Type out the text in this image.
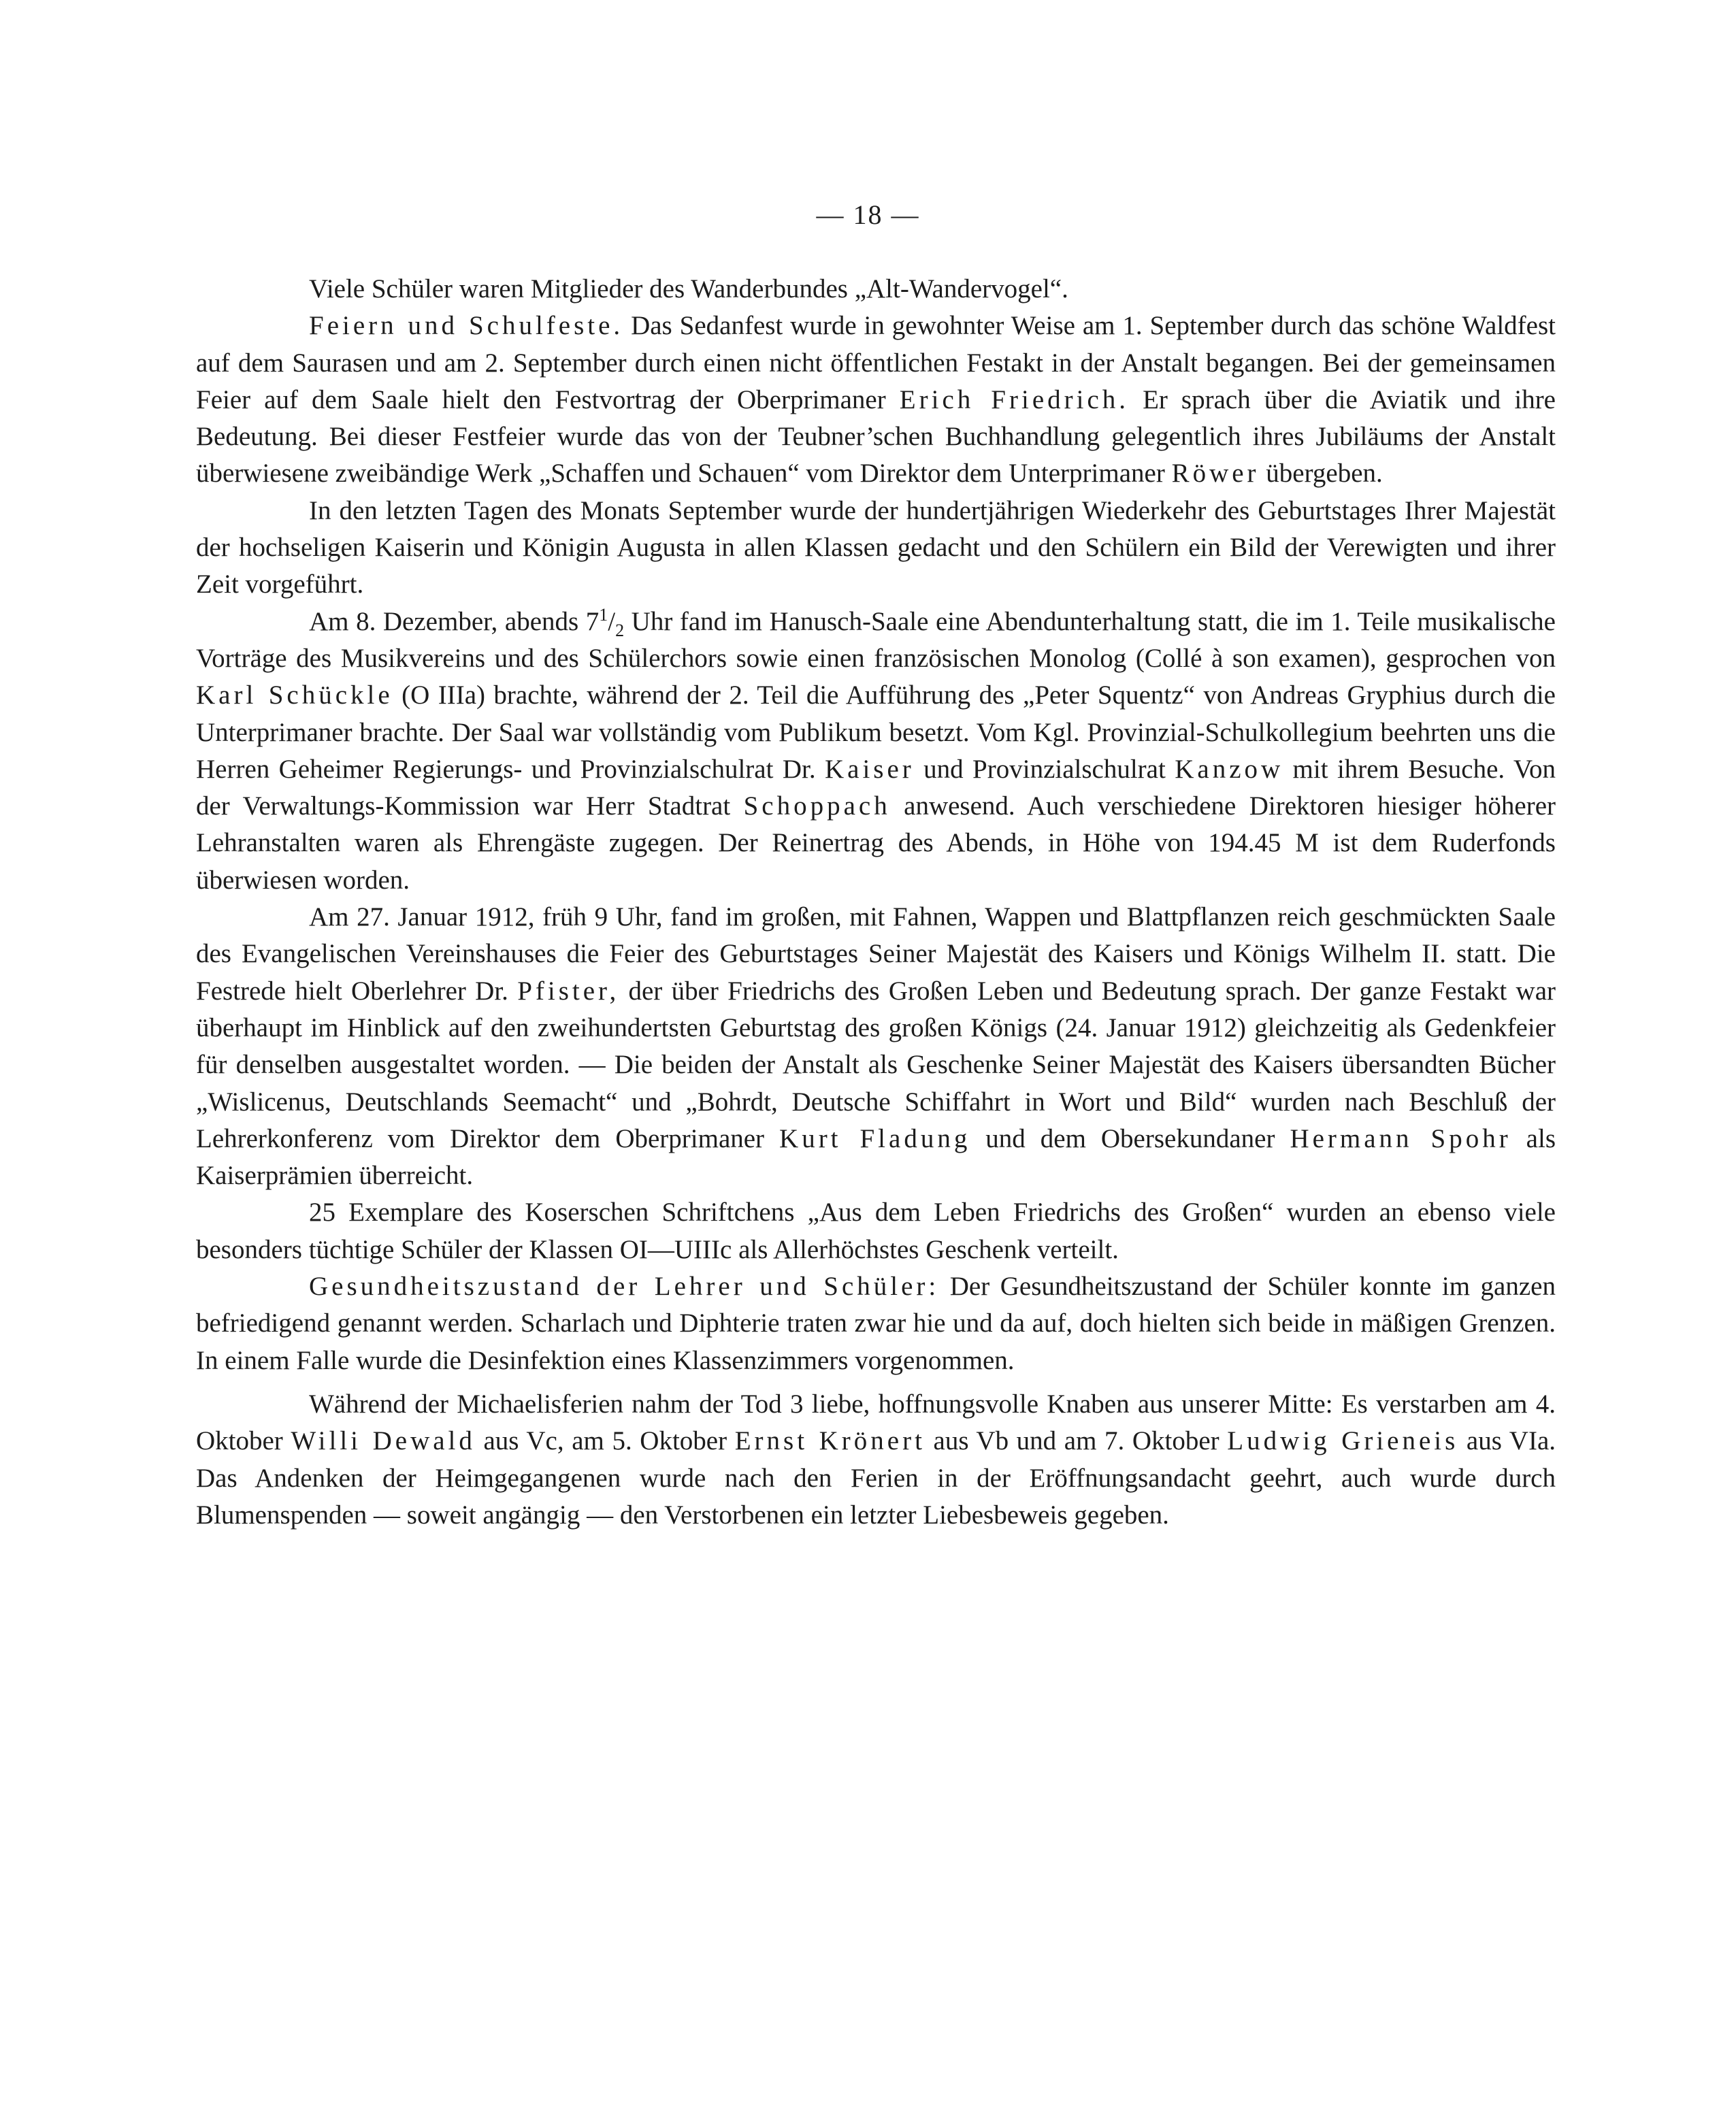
— 18 —

Viele Schüler waren Mitglieder des Wanderbundes „Alt-Wandervogel“.

Feiern und Schulfeste. Das Sedanfest wurde in gewohnter Weise am 1. September durch das schöne Waldfest auf dem Saurasen und am 2. September durch einen nicht öffentlichen Festakt in der Anstalt begangen. Bei der gemeinsamen Feier auf dem Saale hielt den Festvortrag der Oberprimaner Erich Friedrich. Er sprach über die Aviatik und ihre Bedeutung. Bei dieser Festfeier wurde das von der Teubner’schen Buchhandlung gelegentlich ihres Jubiläums der Anstalt überwiesene zweibändige Werk „Schaffen und Schauen“ vom Direktor dem Unterprimaner Röwer übergeben.

In den letzten Tagen des Monats September wurde der hundertjährigen Wiederkehr des Geburtstages Ihrer Majestät der hochseligen Kaiserin und Königin Augusta in allen Klassen gedacht und den Schülern ein Bild der Verewigten und ihrer Zeit vorgeführt.

Am 8. Dezember, abends $7^1/_2$ Uhr fand im Hanusch-Saale eine Abendunterhaltung statt, die im 1. Teile musikalische Vorträge des Musikvereins und des Schülerchors sowie einen französischen Monolog (Collé à son examen), gesprochen von Karl Schückle (O IIIa) brachte, während der 2. Teil die Aufführung des „Peter Squentz“ von Andreas Gryphius durch die Unterprimaner brachte. Der Saal war vollständig vom Publikum besetzt. Vom Kgl. Provinzial-Schulkollegium beehrten uns die Herren Geheimer Regierungs- und Provinzialschulrat Dr. Kaiser und Provinzialschulrat Kanzow mit ihrem Besuche. Von der Verwaltungs-Kommission war Herr Stadtrat Schoppach anwesend. Auch verschiedene Direktoren hiesiger höherer Lehranstalten waren als Ehrengäste zugegen. Der Reinertrag des Abends, in Höhe von 194.45 M ist dem Ruderfonds überwiesen worden.

Am 27. Januar 1912, früh 9 Uhr, fand im großen, mit Fahnen, Wappen und Blattpflanzen reich geschmückten Saale des Evangelischen Vereinshauses die Feier des Geburtstages Seiner Majestät des Kaisers und Königs Wilhelm II. statt. Die Festrede hielt Oberlehrer Dr. Pfister, der über Friedrichs des Großen Leben und Bedeutung sprach. Der ganze Festakt war überhaupt im Hinblick auf den zweihundertsten Geburtstag des großen Königs (24. Januar 1912) gleichzeitig als Gedenkfeier für denselben ausgestaltet worden. — Die beiden der Anstalt als Geschenke Seiner Majestät des Kaisers übersandten Bücher „Wislicenus, Deutschlands Seemacht“ und „Bohrdt, Deutsche Schiffahrt in Wort und Bild“ wurden nach Beschluß der Lehrerkonferenz vom Direktor dem Oberprimaner Kurt Fladung und dem Obersekundaner Hermann Spohr als Kaiserprämien überreicht.

25 Exemplare des Koserschen Schriftchens „Aus dem Leben Friedrichs des Großen“ wurden an ebenso viele besonders tüchtige Schüler der Klassen OI—UIIIc als Allerhöchstes Geschenk verteilt.

Gesundheitszustand der Lehrer und Schüler: Der Gesundheitszustand der Schüler konnte im ganzen befriedigend genannt werden. Scharlach und Diphterie traten zwar hie und da auf, doch hielten sich beide in mäßigen Grenzen. In einem Falle wurde die Desinfektion eines Klassenzimmers vorgenommen.

Während der Michaelisferien nahm der Tod 3 liebe, hoffnungsvolle Knaben aus unserer Mitte: Es verstarben am 4. Oktober Willi Dewald aus Vc, am 5. Oktober Ernst Krönert aus Vb und am 7. Oktober Ludwig Grieneis aus VIa. Das Andenken der Heimgegangenen wurde nach den Ferien in der Eröffnungsandacht geehrt, auch wurde durch Blumenspenden — soweit angängig — den Verstorbenen ein letzter Liebesbeweis gegeben.
